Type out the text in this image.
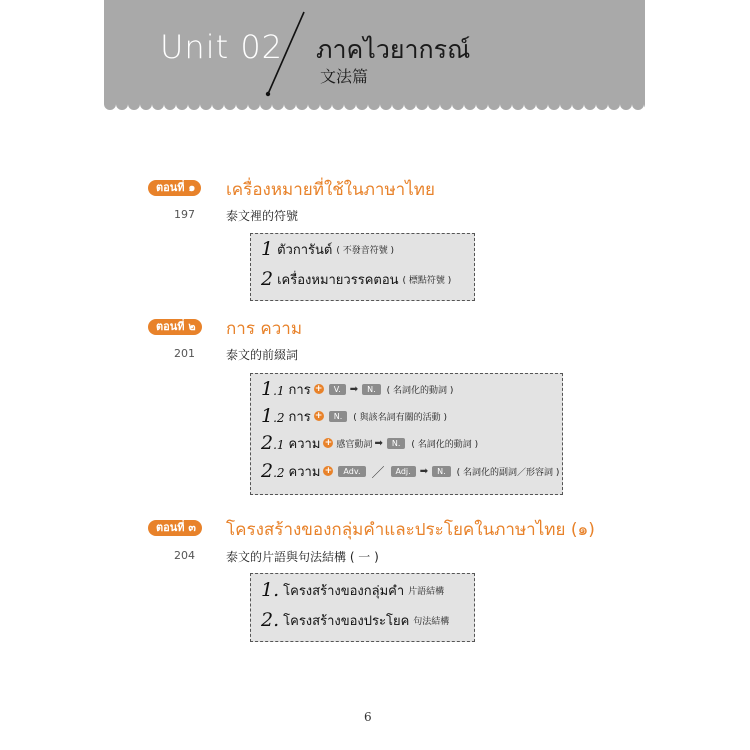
Unit 02 ภาคไวยากรณ์
文法篇
ตอนที่ ๑	เครื่องหมายที่ใช้ในภาษาไทย
197	泰文裡的符號
1 ตัวการันต์ ( 不發音符號 )
2 เครื่องหมายวรรคตอน ( 標點符號 )
ตอนที่ ๒	การ ความ
201	泰文的前綴詞
1.1 การ +	V. ➡	N.	( 名詞化的動詞 )
1.2 การ +	N.	( 與該名詞有關的活動 )
2.1 ความ + 感官動詞 ➡	N.	( 名詞化的動詞 )
2.2 ความ +	Adv. ／	Adj. ➡	N.	( 名詞化的副詞／形容詞 )
ตอนที่ ๓	โครงสร้างของกลุ่มคำและประโยคในภาษาไทย (๑)
204	泰文的片語與句法結構 ( 一 )
1. โครงสร้างของกลุ่มคำ 片語結構
2. โครงสร้างของประโยค 句法結構
6
